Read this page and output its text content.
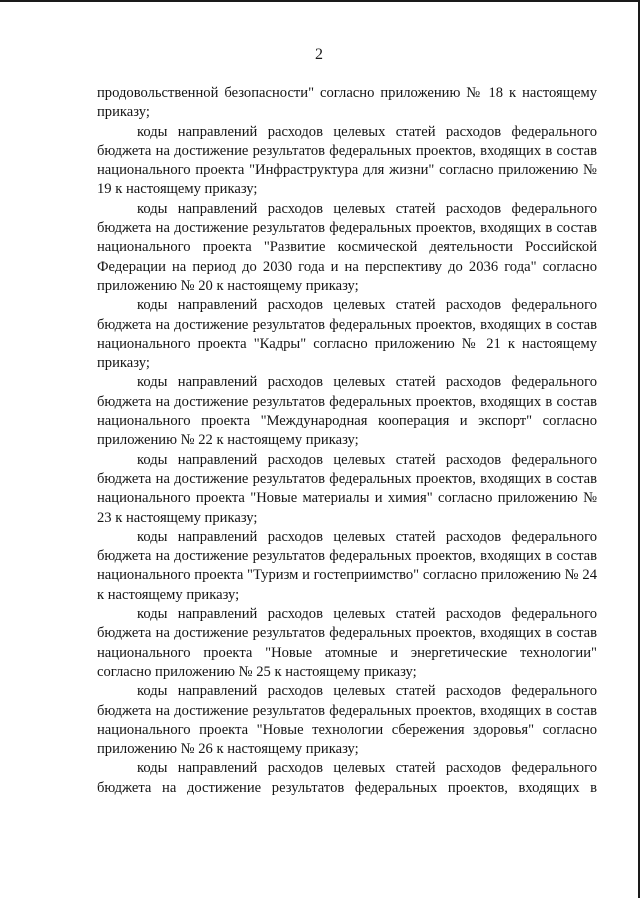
2

продовольственной безопасности" согласно приложению № 18 к настоящему приказу;

коды направлений расходов целевых статей расходов федерального бюджета на достижение результатов федеральных проектов, входящих в состав национального проекта "Инфраструктура для жизни" согласно приложению № 19 к настоящему приказу;

коды направлений расходов целевых статей расходов федерального бюджета на достижение результатов федеральных проектов, входящих в состав национального проекта "Развитие космической деятельности Российской Федерации на период до 2030 года и на перспективу до 2036 года" согласно приложению № 20 к настоящему приказу;

коды направлений расходов целевых статей расходов федерального бюджета на достижение результатов федеральных проектов, входящих в состав национального проекта "Кадры" согласно приложению № 21 к настоящему приказу;

коды направлений расходов целевых статей расходов федерального бюджета на достижение результатов федеральных проектов, входящих в состав национального проекта "Международная кооперация и экспорт" согласно приложению № 22 к настоящему приказу;

коды направлений расходов целевых статей расходов федерального бюджета на достижение результатов федеральных проектов, входящих в состав национального проекта "Новые материалы и химия" согласно приложению № 23 к настоящему приказу;

коды направлений расходов целевых статей расходов федерального бюджета на достижение результатов федеральных проектов, входящих в состав национального проекта "Туризм и гостеприимство" согласно приложению № 24 к настоящему приказу;

коды направлений расходов целевых статей расходов федерального бюджета на достижение результатов федеральных проектов, входящих в состав национального проекта "Новые атомные и энергетические технологии" согласно приложению № 25 к настоящему приказу;

коды направлений расходов целевых статей расходов федерального бюджета на достижение результатов федеральных проектов, входящих в состав национального проекта "Новые технологии сбережения здоровья" согласно приложению № 26 к настоящему приказу;

коды направлений расходов целевых статей расходов федерального бюджета на достижение результатов федеральных проектов, входящих в
